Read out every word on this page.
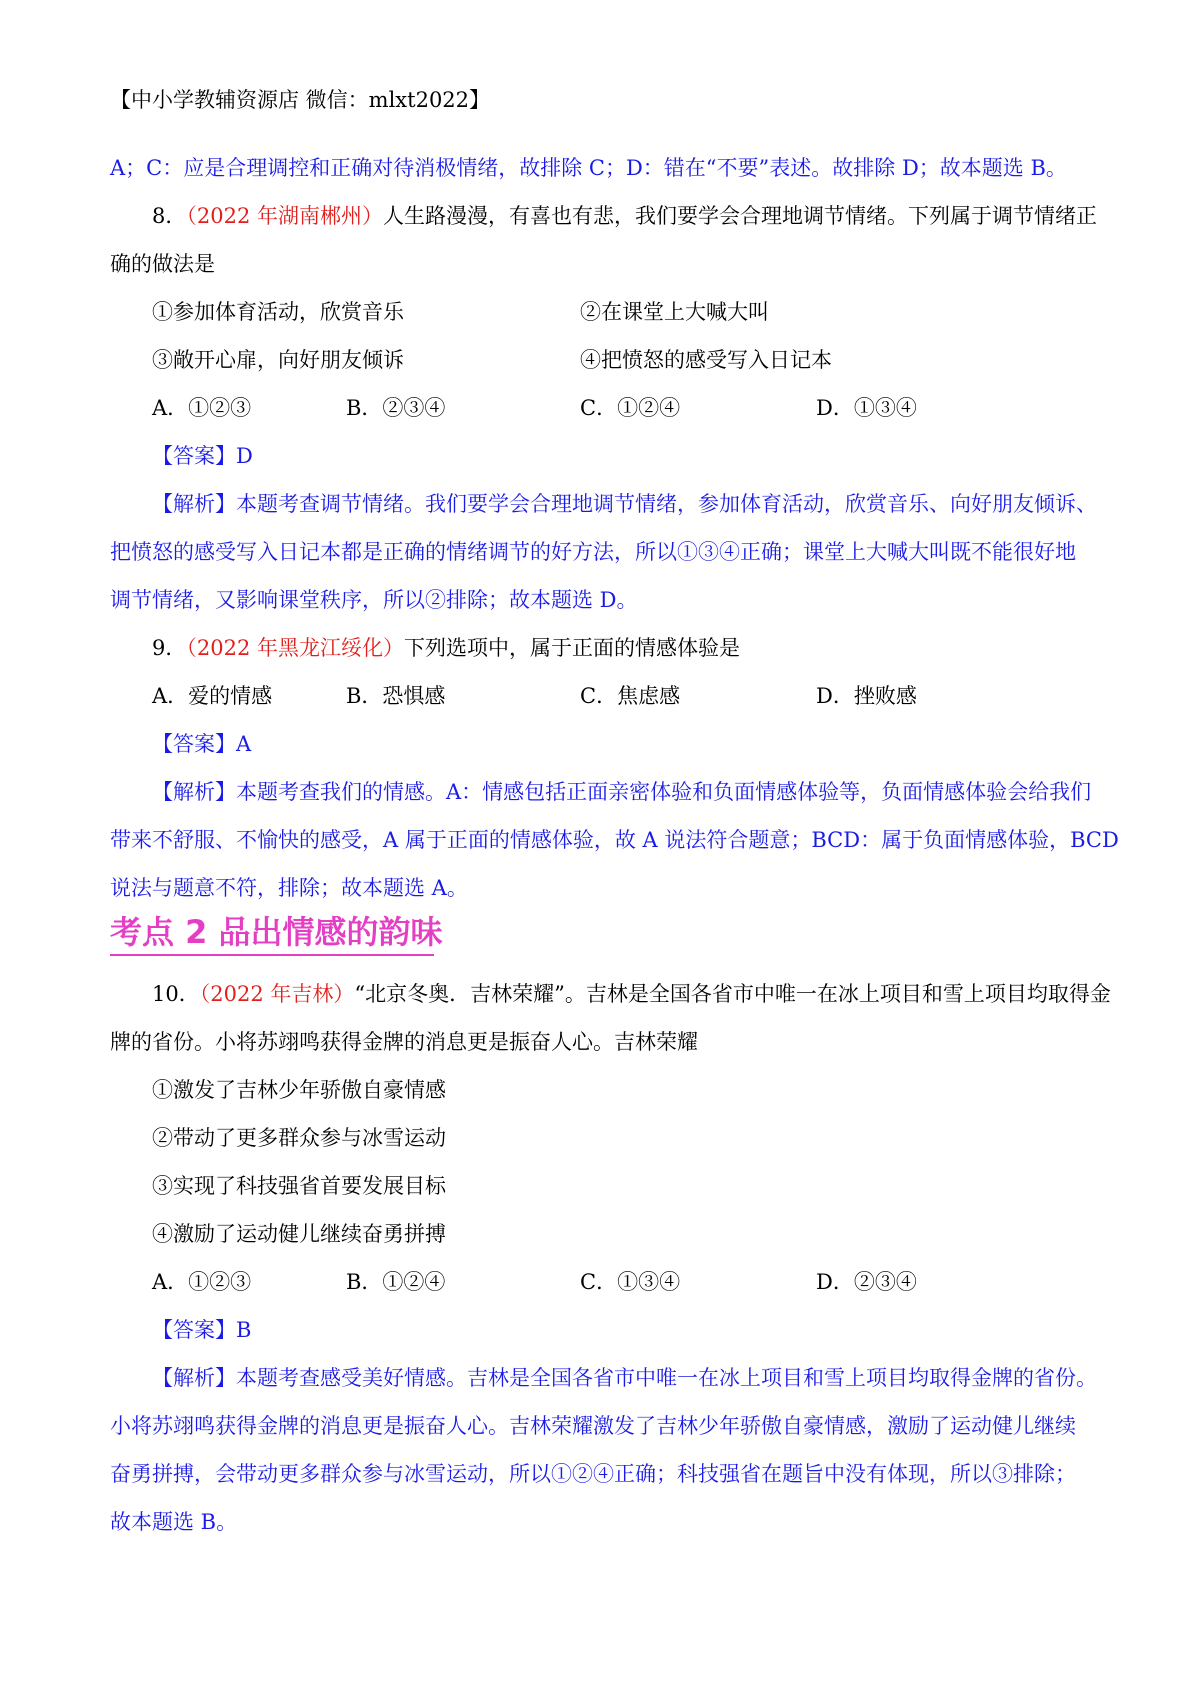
【中小学教辅资源店 微信：mlxt2022】
A；C：应是合理调控和正确对待消极情绪，故排除 C；D：错在“不要”表述。故排除 D；故本题选 B。
8．（2022 年湖南郴州）人生路漫漫，有喜也有悲，我们要学会合理地调节情绪。下列属于调节情绪正
确的做法是
①参加体育活动，欣赏音乐	②在课堂上大喊大叫
③敞开心扉，向好朋友倾诉	④把愤怒的感受写入日记本
A．①②③	B．②③④	C．①②④	D．①③④
【答案】D
【解析】本题考查调节情绪。我们要学会合理地调节情绪，参加体育活动，欣赏音乐、向好朋友倾诉、
把愤怒的感受写入日记本都是正确的情绪调节的好方法，所以①③④正确；课堂上大喊大叫既不能很好地
调节情绪，又影响课堂秩序，所以②排除；故本题选 D。
9．（2022 年黑龙江绥化）下列选项中，属于正面的情感体验是
A．爱的情感	B．恐惧感	C．焦虑感	D．挫败感
【答案】A
【解析】本题考查我们的情感。A：情感包括正面亲密体验和负面情感体验等，负面情感体验会给我们
带来不舒服、不愉快的感受，A 属于正面的情感体验，故 A 说法符合题意；BCD：属于负面情感体验，BCD
说法与题意不符，排除；故本题选 A。
考点 2 品出情感的韵味
10．（2022 年吉林）“北京冬奥．吉林荣耀”。吉林是全国各省市中唯一在冰上项目和雪上项目均取得金
牌的省份。小将苏翊鸣获得金牌的消息更是振奋人心。吉林荣耀
①激发了吉林少年骄傲自豪情感
②带动了更多群众参与冰雪运动
③实现了科技强省首要发展目标
④激励了运动健儿继续奋勇拼搏
A．①②③	B．①②④	C．①③④	D．②③④
【答案】B
【解析】本题考查感受美好情感。吉林是全国各省市中唯一在冰上项目和雪上项目均取得金牌的省份。
小将苏翊鸣获得金牌的消息更是振奋人心。吉林荣耀激发了吉林少年骄傲自豪情感，激励了运动健儿继续
奋勇拼搏，会带动更多群众参与冰雪运动，所以①②④正确；科技强省在题旨中没有体现，所以③排除；
故本题选 B。
